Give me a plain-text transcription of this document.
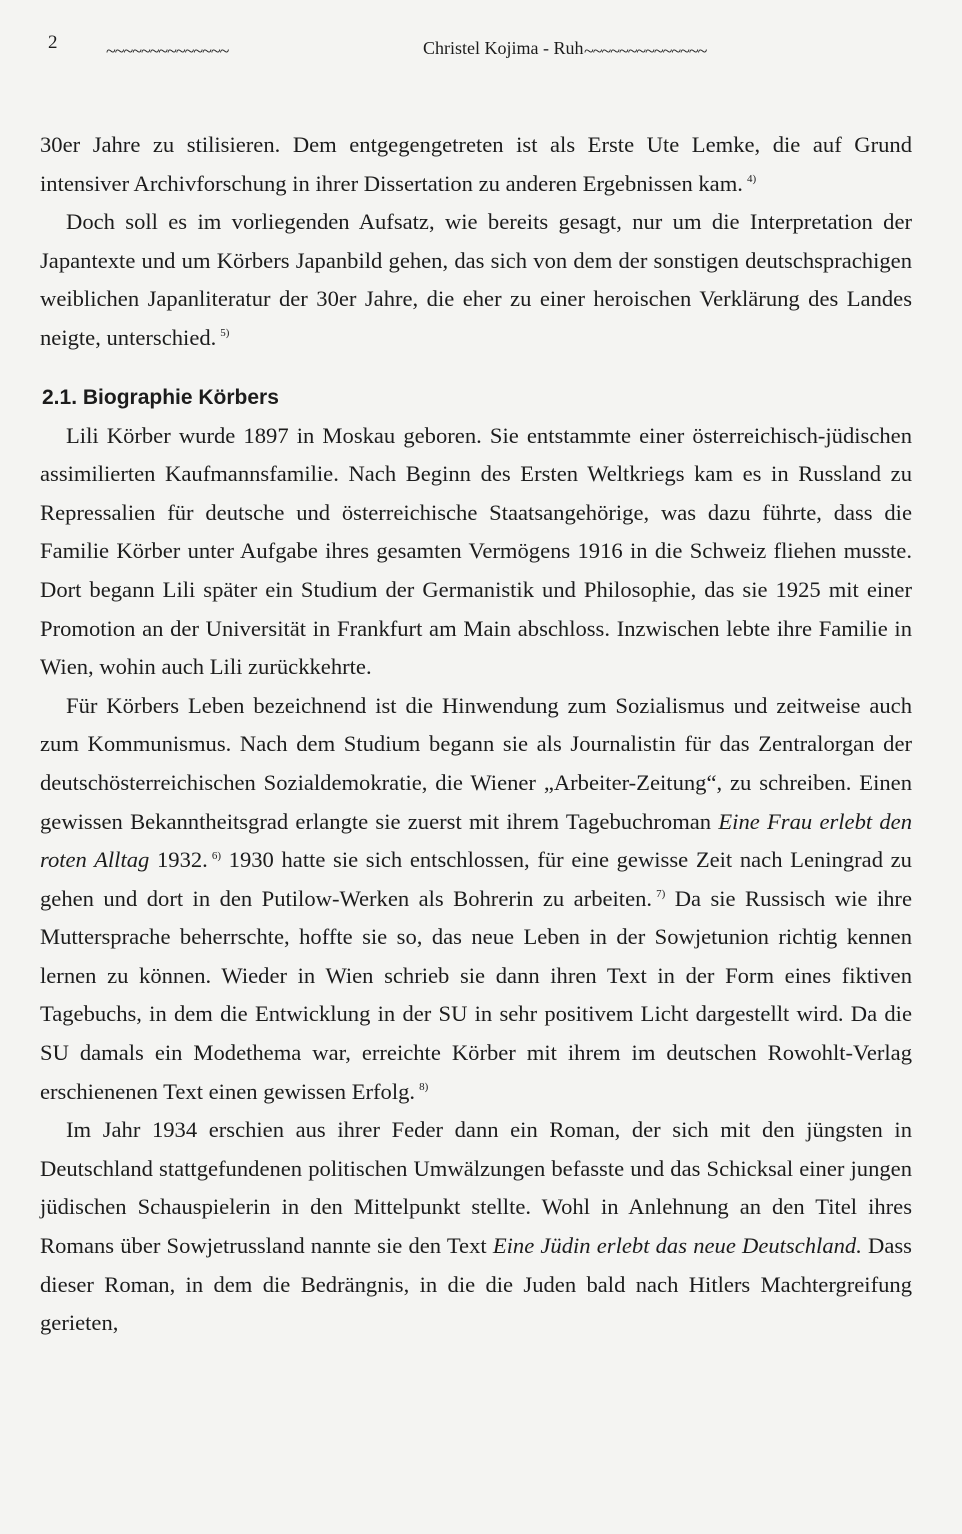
2	~~~~~~~~~~~~~~	Christel Kojima - Ruh ~~~~~~~~~~~~~~

30er Jahre zu stilisieren. Dem entgegengetreten ist als Erste Ute Lemke, die auf Grund intensiver Archivforschung in ihrer Dissertation zu anderen Ergebnissen kam. $^{4)}$

Doch soll es im vorliegenden Aufsatz, wie bereits gesagt, nur um die Interpretation der Japantexte und um Körbers Japanbild gehen, das sich von dem der sonstigen deutschsprachigen weiblichen Japanliteratur der 30er Jahre, die eher zu einer heroischen Verklärung des Landes neigte, unterschied. $^{5)}$

2.1. Biographie Körbers

Lili Körber wurde 1897 in Moskau geboren. Sie entstammte einer österreichisch-jüdischen assimilierten Kaufmannsfamilie. Nach Beginn des Ersten Weltkriegs kam es in Russland zu Repressalien für deutsche und österreichische Staatsangehörige, was dazu führte, dass die Familie Körber unter Aufgabe ihres gesamten Vermögens 1916 in die Schweiz fliehen musste. Dort begann Lili später ein Studium der Germanistik und Philosophie, das sie 1925 mit einer Promotion an der Universität in Frankfurt am Main abschloss. Inzwischen lebte ihre Familie in Wien, wohin auch Lili zurückkehrte.

Für Körbers Leben bezeichnend ist die Hinwendung zum Sozialismus und zeitweise auch zum Kommunismus. Nach dem Studium begann sie als Journalistin für das Zentralorgan der deutschösterreichischen Sozialdemokratie, die Wiener „Arbeiter-Zeitung“, zu schreiben. Einen gewissen Bekanntheitsgrad erlangte sie zuerst mit ihrem Tagebuchroman Eine Frau erlebt den roten Alltag 1932. $^{6)}$ 1930 hatte sie sich entschlossen, für eine gewisse Zeit nach Leningrad zu gehen und dort in den Putilow-Werken als Bohrerin zu arbeiten. $^{7)}$ Da sie Russisch wie ihre Muttersprache beherrschte, hoffte sie so, das neue Leben in der Sowjetunion richtig kennen lernen zu können. Wieder in Wien schrieb sie dann ihren Text in der Form eines fiktiven Tagebuchs, in dem die Entwicklung in der SU in sehr positivem Licht dargestellt wird. Da die SU damals ein Modethema war, erreichte Körber mit ihrem im deutschen Rowohlt-Verlag erschienenen Text einen gewissen Erfolg. $^{8)}$

Im Jahr 1934 erschien aus ihrer Feder dann ein Roman, der sich mit den jüngsten in Deutschland stattgefundenen politischen Umwälzungen befasste und das Schicksal einer jungen jüdischen Schauspielerin in den Mittelpunkt stellte. Wohl in Anlehnung an den Titel ihres Romans über Sowjetrussland nannte sie den Text Eine Jüdin erlebt das neue Deutschland. Dass dieser Roman, in dem die Bedrängnis, in die die Juden bald nach Hitlers Machtergreifung gerieten,
